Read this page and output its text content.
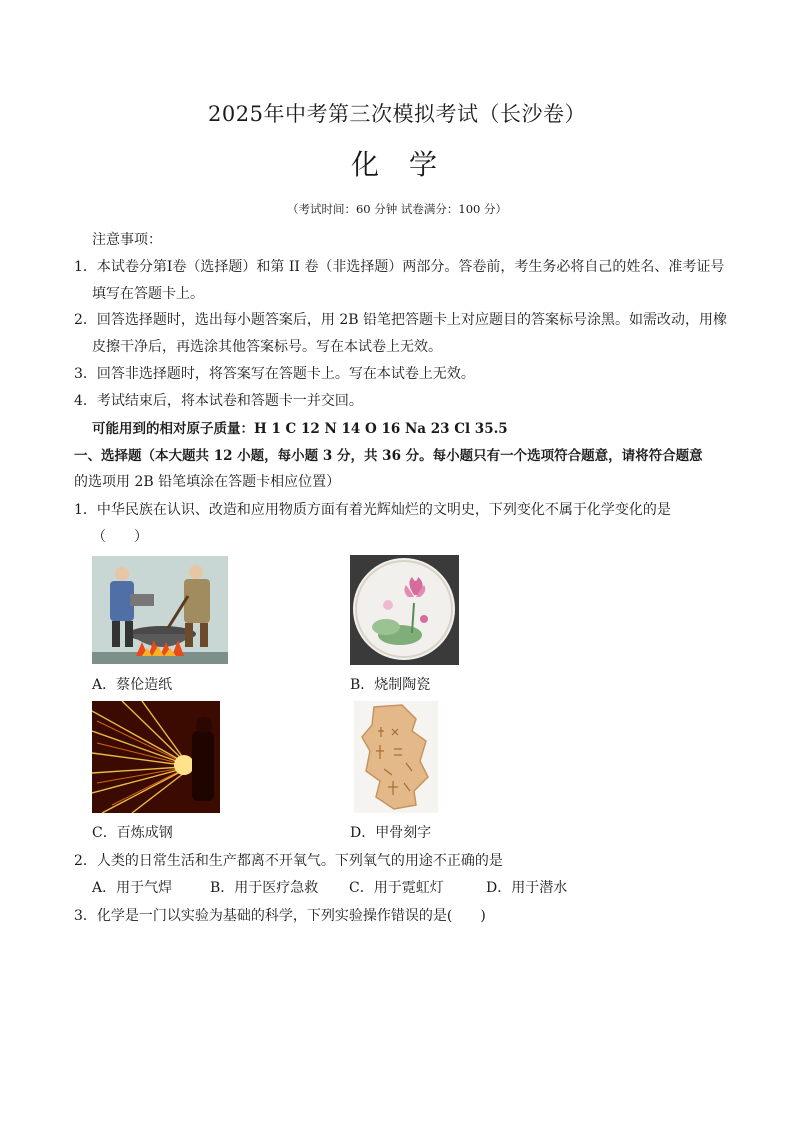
2025年中考第三次模拟考试（长沙卷）
化学
（考试时间：60 分钟 试卷满分：100 分）
注意事项：
1．本试卷分第Ⅰ卷（选择题）和第 II 卷（非选择题）两部分。答卷前，考生务必将自己的姓名、准考证号
填写在答题卡上。
2．回答选择题时，选出每小题答案后，用 2B 铅笔把答题卡上对应题目的答案标号涂黑。如需改动，用橡
皮擦干净后，再选涂其他答案标号。写在本试卷上无效。
3．回答非选择题时，将答案写在答题卡上。写在本试卷上无效。
4．考试结束后，将本试卷和答题卡一并交回。
可能用到的相对原子质量：H 1 C 12 N 14 O 16 Na 23 Cl 35.5
一、选择题（本大题共 12 小题，每小题 3 分，共 36 分。每小题只有一个选项符合题意，请将符合题意
的选项用 2B 铅笔填涂在答题卡相应位置）
1．中华民族在认识、改造和应用物质方面有着光辉灿烂的文明史，下列变化不属于化学变化的是
（　　）
A．蔡伦造纸	B．烧制陶瓷
C．百炼成钢	D．甲骨刻字
2．人类的日常生活和生产都离不开氧气。下列氧气的用途不正确的是
A．用于气焊	B．用于医疗急救 C．用于霓虹灯	D．用于潜水
3．化学是一门以实验为基础的科学，下列实验操作错误的是(　　)
